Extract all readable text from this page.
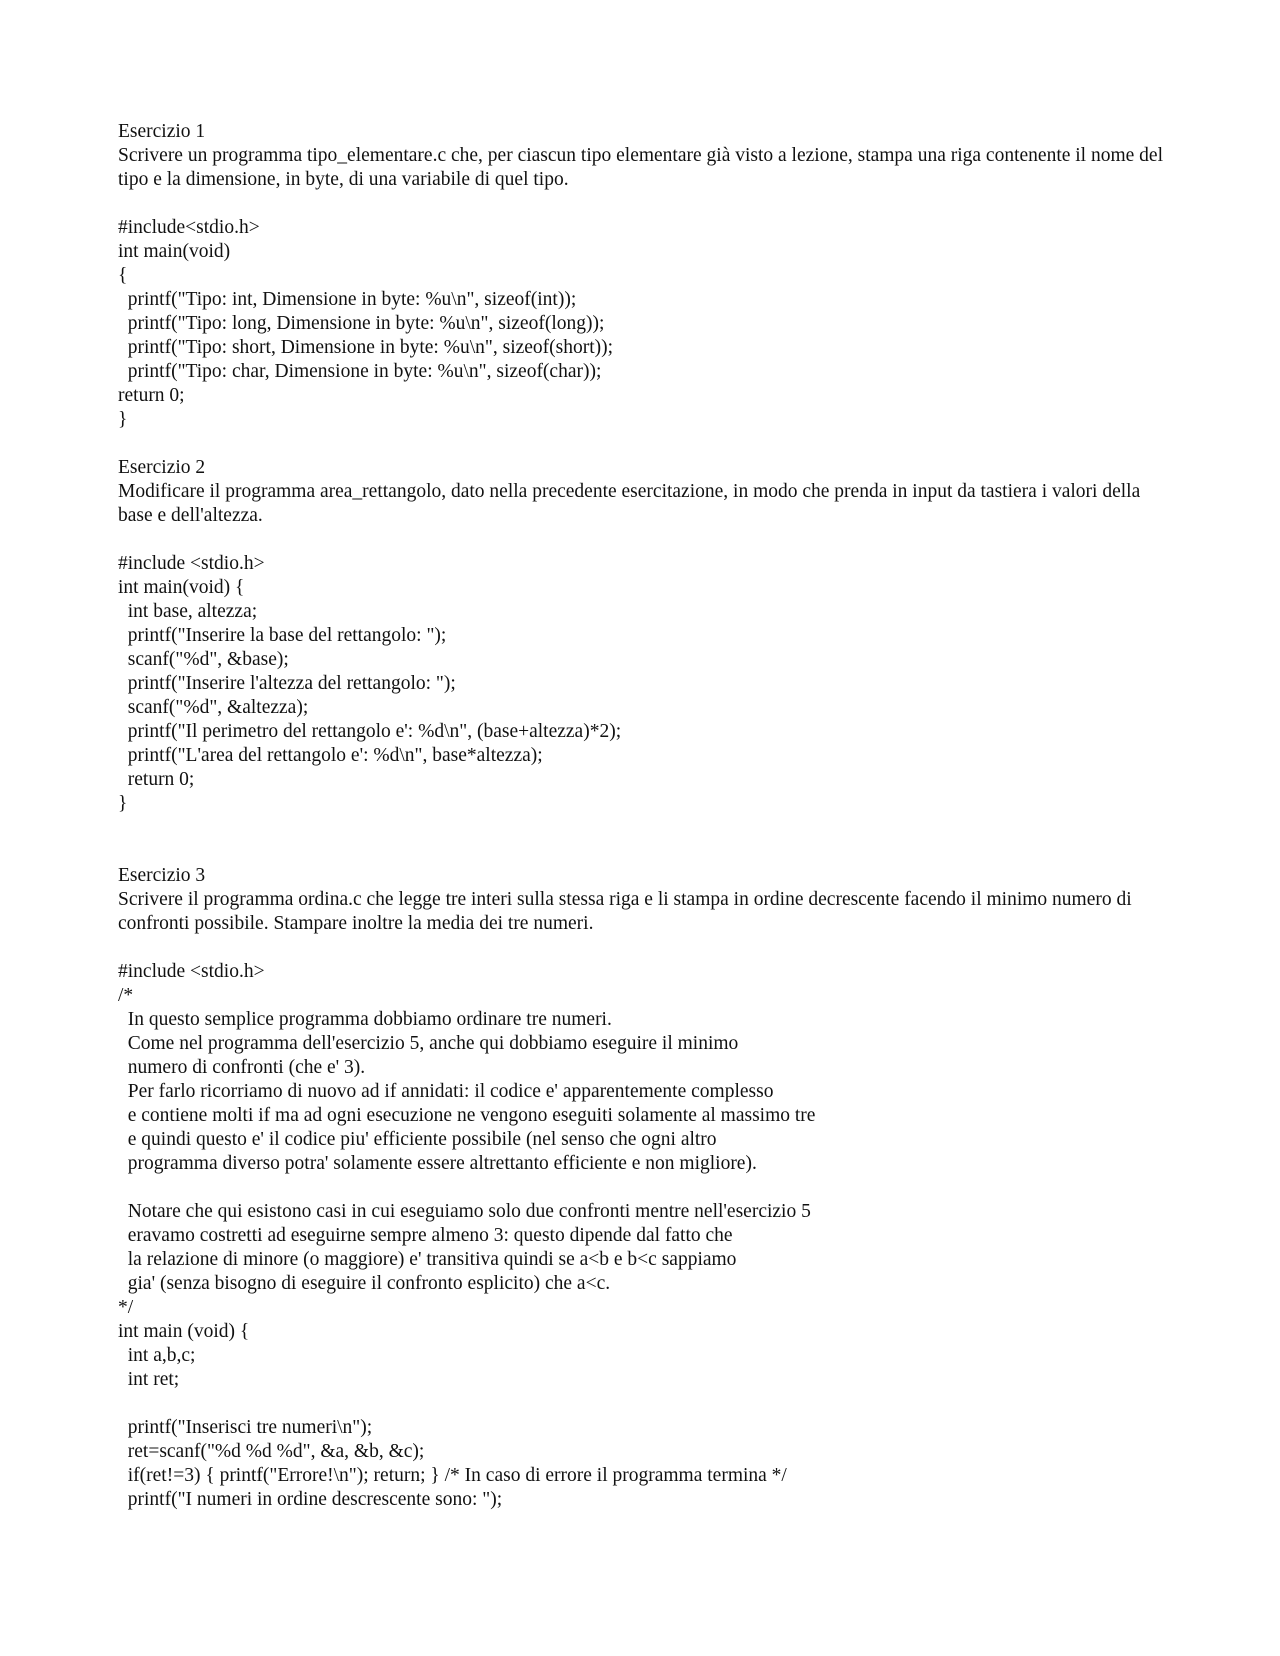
Esercizio 1
Scrivere un programma tipo_elementare.c che, per ciascun tipo elementare già visto a lezione, stampa una riga contenente il nome del tipo e la dimensione, in byte, di una variabile di quel tipo.
#include<stdio.h>
int main(void)
{
printf("Tipo: int, Dimensione in byte: %u\n", sizeof(int));
printf("Tipo: long, Dimensione in byte: %u\n", sizeof(long));
printf("Tipo: short, Dimensione in byte: %u\n", sizeof(short));
printf("Tipo: char, Dimensione in byte: %u\n", sizeof(char));
return 0;
}
Esercizio 2
Modificare il programma area_rettangolo, dato nella precedente esercitazione, in modo che prenda in input da tastiera i valori della base e dell'altezza.
#include <stdio.h>
int main(void) {
int base, altezza;
printf("Inserire la base del rettangolo: ");
scanf("%d", &base);
printf("Inserire l'altezza del rettangolo: ");
scanf("%d", &altezza);
printf("Il perimetro del rettangolo e': %d\n", (base+altezza)*2);
printf("L'area del rettangolo e': %d\n", base*altezza);
return 0;
}
Esercizio 3
Scrivere il programma ordina.c che legge tre interi sulla stessa riga e li stampa in ordine decrescente facendo il minimo numero di confronti possibile. Stampare inoltre la media dei tre numeri.
#include <stdio.h>
/*
In questo semplice programma dobbiamo ordinare tre numeri.
Come nel programma dell'esercizio 5, anche qui dobbiamo eseguire il minimo
numero di confronti (che e' 3).
Per farlo ricorriamo di nuovo ad if annidati: il codice e' apparentemente complesso
e contiene molti if ma ad ogni esecuzione ne vengono eseguiti solamente al massimo tre
e quindi questo e' il codice piu' efficiente possibile (nel senso che ogni altro
programma diverso potra' solamente essere altrettanto efficiente e non migliore).
Notare che qui esistono casi in cui eseguiamo solo due confronti mentre nell'esercizio 5
eravamo costretti ad eseguirne sempre almeno 3: questo dipende dal fatto che
la relazione di minore (o maggiore) e' transitiva quindi se a<b e b<c sappiamo
gia' (senza bisogno di eseguire il confronto esplicito) che a<c.
*/
int main (void) {
int a,b,c;
int ret;
printf("Inserisci tre numeri\n");
ret=scanf("%d %d %d", &a, &b, &c);
if(ret!=3) { printf("Errore!\n"); return; } /* In caso di errore il programma termina */
printf("I numeri in ordine descrescente sono: ");
